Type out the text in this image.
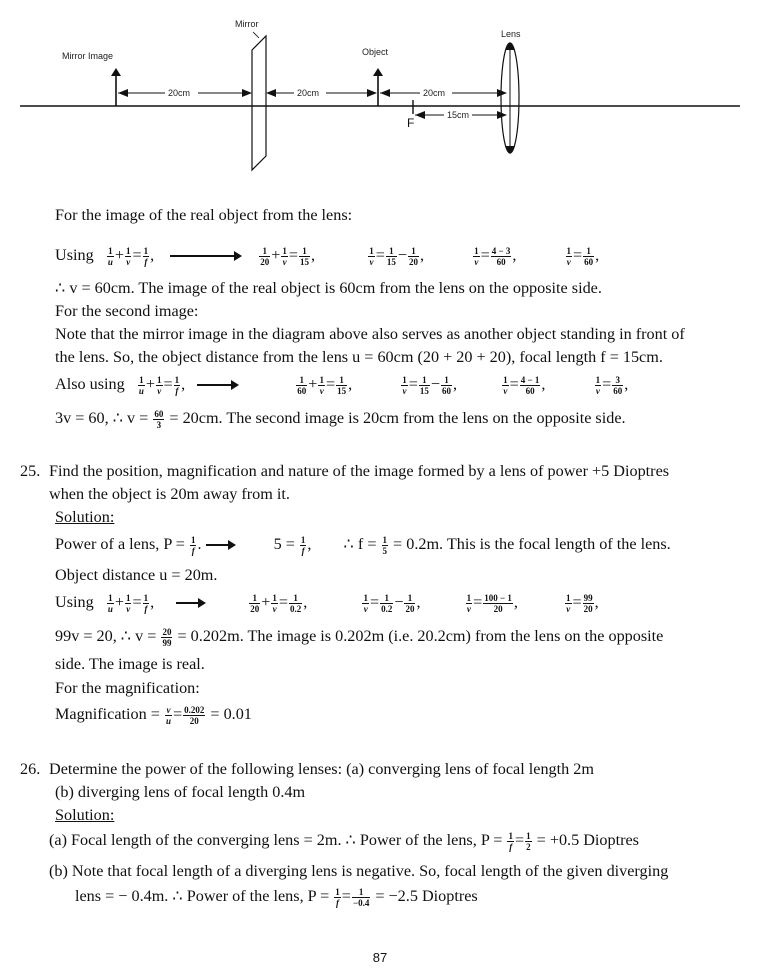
Mirror Image
Mirror
Object
Lens
20cm	20cm	20cm
F
15cm
For the image of the real object from the lens:
Using $\frac{1}{u} + \frac{1}{v} = \frac{1}{f}$ ,	$\frac{1}{20} + \frac{1}{v} = \frac{1}{15}$ ,	$\frac{1}{v} = \frac{1}{15} - \frac{1}{20}$ ,	$\frac{1}{v} = \frac{4 - 3}{60}$ ,	$\frac{1}{v} = \frac{1}{60}$ ,
∴ v = 60cm. The image of the real object is 60cm from the lens on the opposite side.
For the second image:
Note that the mirror image in the diagram above also serves as another object standing in front of
the lens. So, the object distance from the lens u = 60cm (20 + 20 + 20), focal length f = 15cm.
Also using $\frac{1}{u} + \frac{1}{v} = \frac{1}{f}$ ,	$\frac{1}{60} + \frac{1}{v} = \frac{1}{15}$ ,	$\frac{1}{v} = \frac{1}{15} - \frac{1}{60}$ ,	$\frac{1}{v} = \frac{4 - 1}{60}$ ,	$\frac{1}{v} = \frac{3}{60}$ ,
3v = 60, ∴ $v = \frac{60}{3} = 20cm$. The second image is 20cm from the lens on the opposite side.
25. Find the position, magnification and nature of the image formed by a lens of power +5 Dioptres
when the object is 20m away from it.
Solution:
Power of a lens, $P = \frac{1}{f}$ .	$5 = \frac{1}{f}$ ,  ∴ $f = \frac{1}{5} = 0.2m$. This is the focal length of the lens.
Object distance u = 20m.
Using $\frac{1}{u} + \frac{1}{v} = \frac{1}{f}$ ,	$\frac{1}{20} + \frac{1}{v} = \frac{1}{0.2}$ ,	$\frac{1}{v} = \frac{1}{0.2} - \frac{1}{20}$ ,	$\frac{1}{v} = \frac{100 - 1}{20}$ ,	$\frac{1}{v} = \frac{99}{20}$ ,
99v = 20, ∴ $v = \frac{20}{99} = 0.202m$. The image is 0.202m (i.e. 20.2cm) from the lens on the opposite
side. The image is real.
For the magnification:
Magnification = $\frac{v}{u} = \frac{0.202}{20} = 0.01$
26. Determine the power of the following lenses: (a) converging lens of focal length 2m
(b) diverging lens of focal length 0.4m
Solution:
(a) Focal length of the converging lens = 2m. ∴ Power of the lens, $P = \frac{1}{f} = \frac{1}{2} = +0.5$ Dioptres
(b) Note that focal length of a diverging lens is negative. So, focal length of the given diverging
lens = − 0.4m. ∴ Power of the lens, $P = \frac{1}{f} = \frac{1}{-0.4} = -2.5$ Dioptres
87
